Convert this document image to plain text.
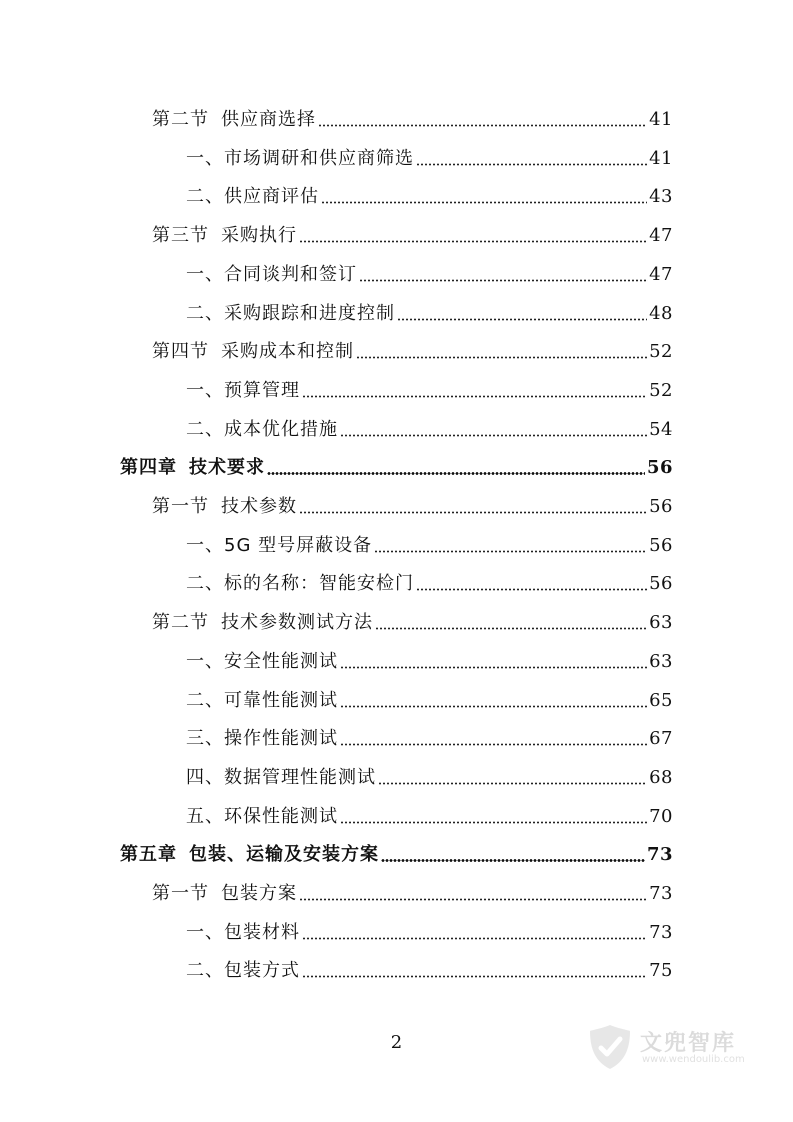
第二节 供应商选择	41
一、市场调研和供应商筛选	41
二、供应商评估	43
第三节 采购执行	47
一、合同谈判和签订	47
二、采购跟踪和进度控制	48
第四节 采购成本和控制	52
一、预算管理	52
二、成本优化措施	54
第四章 技术要求	56
第一节 技术参数	56
一、5G 型号屏蔽设备	56
二、标的名称：智能安检门	56
第二节 技术参数测试方法	63
一、安全性能测试	63
二、可靠性能测试	65
三、操作性能测试	67
四、数据管理性能测试	68
五、环保性能测试	70
第五章 包装、运输及安装方案	73
第一节 包装方案	73
一、包装材料	73
二、包装方式	75
2	文兜智库
www.wendoulib.com
